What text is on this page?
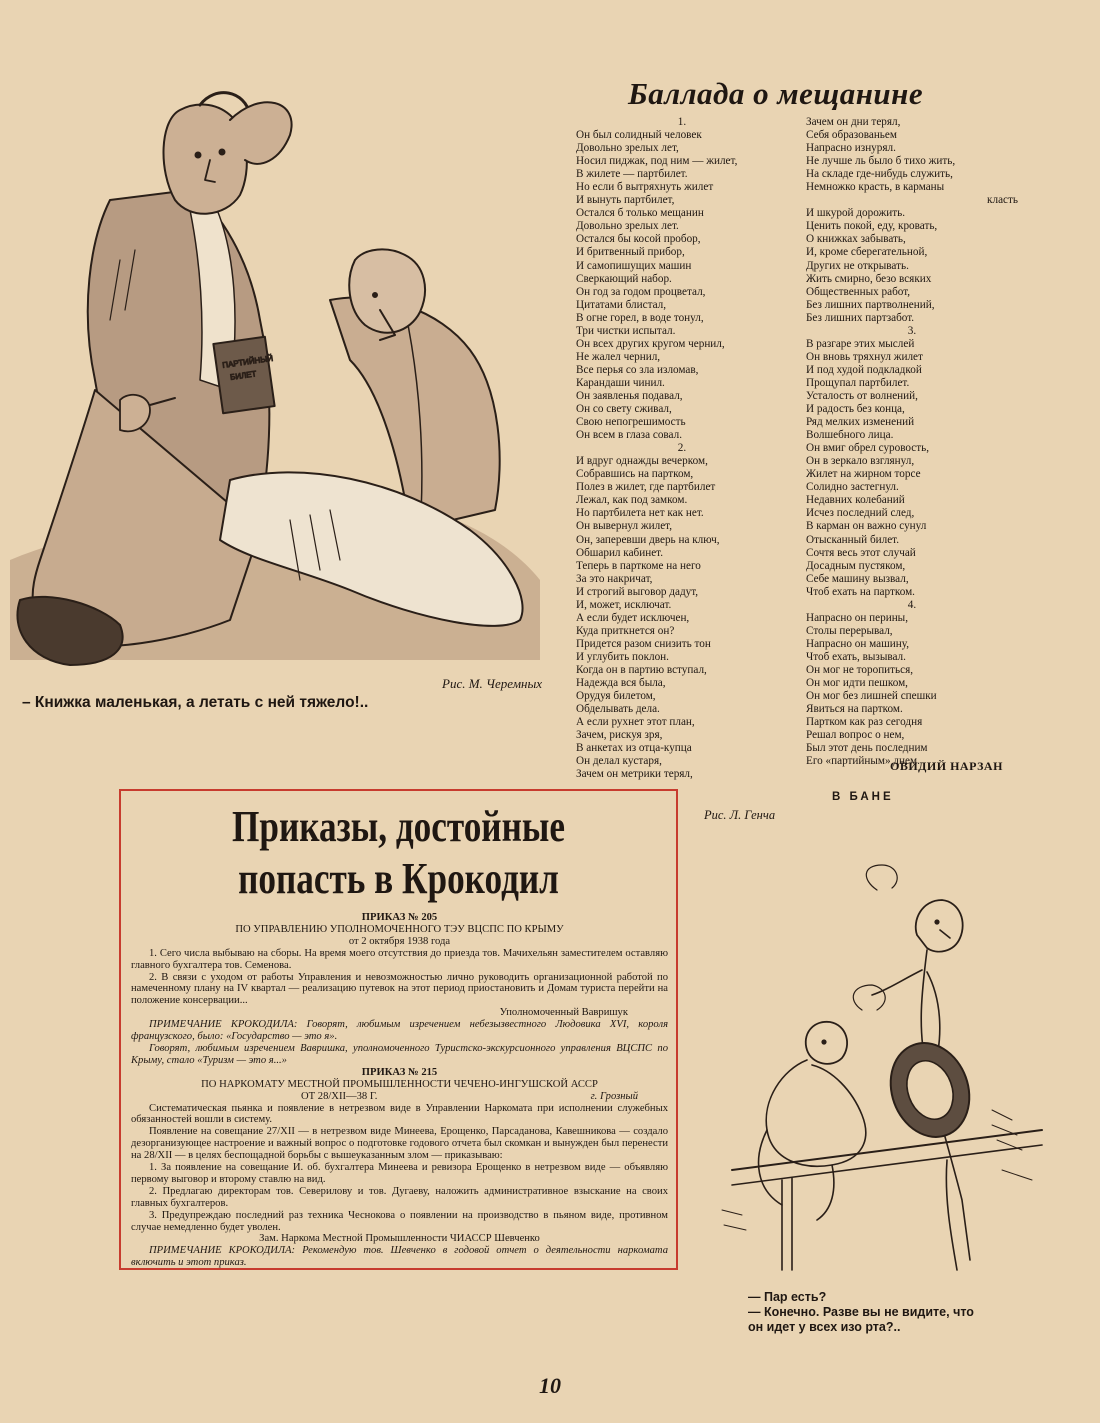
ПАРТИЙНЫЙ
БИЛЕТ
Рис. М. Черемных
– Книжка маленькая, а летать с ней тяжело!..
Баллада о мещанине
1.
Он был солидный человек
Довольно зрелых лет,
Носил пиджак, под ним — жилет,
В жилете — партбилет.
Но если б вытряхнуть жилет
И вынуть партбилет,
Остался б только мещанин
Довольно зрелых лет.
Остался бы косой пробор,
И бритвенный прибор,
И самопишущих машин
Сверкающий набор.
Он год за годом процветал,
Цитатами блистал,
В огне горел, в воде тонул,
Три чистки испытал.
Он всех других кругом чернил,
Не жалел чернил,
Все перья со зла изломав,
Карандаши чинил.
Он заявленья подавал,
Он со свету сживал,
Свою непогрешимость
Он всем в глаза совал.
2.
И вдруг однажды вечерком,
Собравшись на партком,
Полез в жилет, где партбилет
Лежал, как под замком.
Но партбилета нет как нет.
Он вывернул жилет,
Он, заперевши дверь на ключ,
Обшарил кабинет.
Теперь в парткоме на него
За это накричат,
И строгий выговор дадут,
И, может, исключат.
А если будет исключен,
Куда приткнется он?
Придется разом снизить тон
И углубить поклон.
Когда он в партию вступал,
Надежда вся была,
Орудуя билетом,
Обделывать дела.
А если рухнет этот план,
Зачем, рискуя зря,
В анкетах из отца-купца
Он делал кустаря,
Зачем он метрики терял,
Зачем он дни терял,
Себя образованьем
Напрасно изнурял.
Не лучше ль было б тихо жить,
На складе где-нибудь служить,
Немножко красть, в карманы
класть
И шкурой дорожить.
Ценить покой, еду, кровать,
О книжках забывать,
И, кроме сберегательной,
Других не открывать.
Жить смирно, безо всяких
Общественных работ,
Без лишних партволнений,
Без лишних партзабот.
3.
В разгаре этих мыслей
Он вновь тряхнул жилет
И под худой подкладкой
Прощупал партбилет.
Усталость от волнений,
И радость без конца,
Ряд мелких изменений
Волшебного лица.
Он вмиг обрел суровость,
Он в зеркало взглянул,
Жилет на жирном торсе
Солидно застегнул.
Недавних колебаний
Исчез последний след,
В карман он важно сунул
Отысканный билет.
Сочтя весь этот случай
Досадным пустяком,
Себе машину вызвал,
Чтоб ехать на партком.
4.
Напрасно он перины,
Столы перерывал,
Напрасно он машину,
Чтоб ехать, вызывал.
Он мог не торопиться,
Он мог идти пешком,
Он мог без лишней спешки
Явиться на партком.
Партком как раз сегодня
Решал вопрос о нем,
Был этот день последним
Его «партийным» днем.
ОВИДИЙ НАРЗАН
Приказы, достойные
попасть в Крокодил
ПРИКАЗ № 205
ПО УПРАВЛЕНИЮ УПОЛНОМОЧЕННОГО ТЭУ ВЦСПС ПО КРЫМУ
от 2 октября 1938 года
1. Сего числа выбываю на сборы. На время моего отсутствия до приезда тов. Мачихельян заместителем оставляю главного бухгалтера тов. Семенова.
2. В связи с уходом от работы Управления и невозможностью лично руководить организационной работой по намеченному плану на IV квартал — реализацию путевок на этот период приостановить и Домам туриста перейти на положение консервации...
Уполномоченный Вавришук
ПРИМЕЧАНИЕ КРОКОДИЛА: Говорят, любимым изречением небезызвестного Людовика XVI, короля французского, было: «Государство — это я».
Говорят, любимым изречением Вавришка, уполномоченного Туристско-экскурсионного управления ВЦСПС по Крыму, стало «Туризм — это я...»
ПРИКАЗ № 215
ПО НАРКОМАТУ МЕСТНОЙ ПРОМЫШЛЕННОСТИ ЧЕЧЕНО-ИНГУШСКОЙ АССР
ОТ 28/XII—38 Г.	г. Грозный
Систематическая пьянка и появление в нетрезвом виде в Управлении Наркомата при исполнении служебных обязанностей вошли в систему.
Появление на совещание 27/XII — в нетрезвом виде Минеева, Ерощенко, Парсаданова, Кавешникова — создало дезорганизующее настроение и важный вопрос о подготовке годового отчета был скомкан и вынужден был перенести на 28/XII — в целях беспощадной борьбы с вышеуказанным злом — приказываю:
1. За появление на совещание И. об. бухгалтера Минеева и ревизора Ерощенко в нетрезвом виде — объявляю первому выговор и второму ставлю на вид.
2. Предлагаю директорам тов. Северилову и тов. Дугаеву, наложить административное взыскание на своих главных бухгалтеров.
3. Предупреждаю последний раз техника Чеснокова о появлении на производство в пьяном виде, противном случае немедленно будет уволен.
Зам. Наркома Местной Промышленности ЧИАССР Шевченко
ПРИМЕЧАНИЕ КРОКОДИЛА: Рекомендую тов. Шевченко в годовой отчет о деятельности наркомата включить и этот приказ.
В БАНЕ
Рис. Л. Генча
— Пар есть?
— Конечно. Разве вы не видите, что
он идет у всех изо рта?..
10
